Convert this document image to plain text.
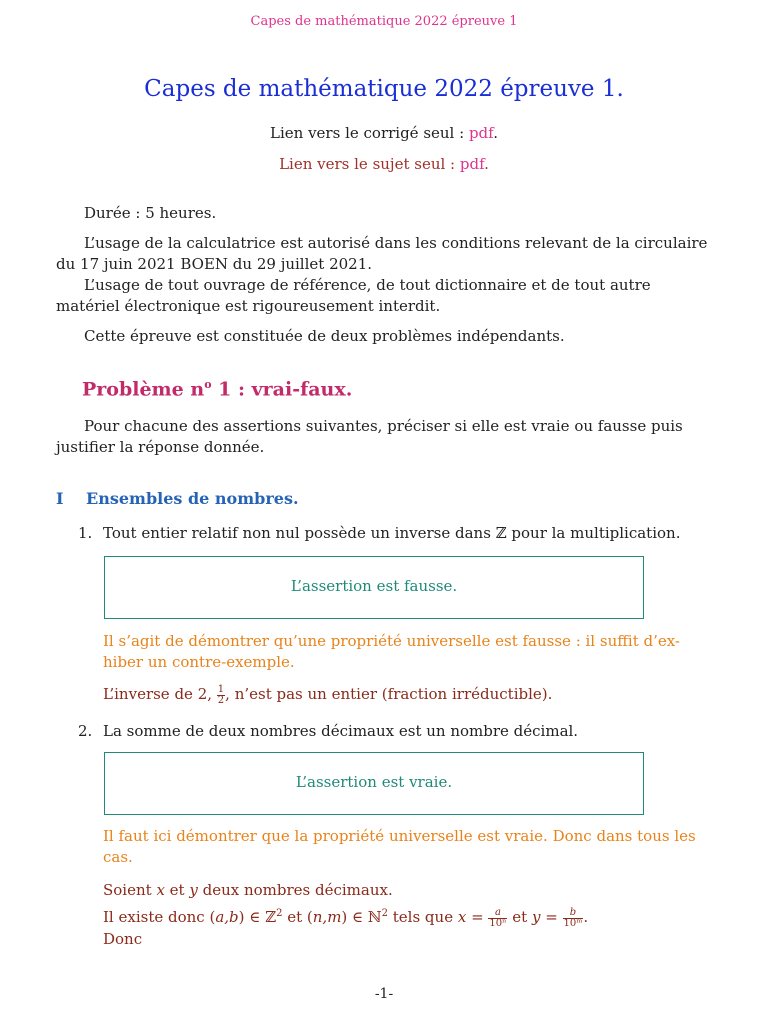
Capes de mathématique 2022 épreuve 1
Capes de mathématique 2022 épreuve 1.
Lien vers le corrigé seul : pdf.
Lien vers le sujet seul : pdf.
Durée : 5 heures.
L’usage de la calculatrice est autorisé dans les conditions relevant de la circulaire
du 17 juin 2021 BOEN du 29 juillet 2021.
L’usage de tout ouvrage de référence, de tout dictionnaire et de tout autre
matériel électronique est rigoureusement interdit.
Cette épreuve est constituée de deux problèmes indépendants.
Problème $n^o$ 1 : vrai-faux.
Pour chacune des assertions suivantes, préciser si elle est vraie ou fausse puis
justifier la réponse donnée.
I Ensembles de nombres.
1. Tout entier relatif non nul possède un inverse dans ℤ pour la multiplication.
L’assertion est fausse.
Il s’agit de démontrer qu’une propriété universelle est fausse : il suffit d’ex-
hiber un contre-exemple.
L’inverse de 2, $\frac{1}{2}$ , n’est pas un entier (fraction irréductible).
2. La somme de deux nombres décimaux est un nombre décimal.
L’assertion est vraie.
Il faut ici démontrer que la propriété universelle est vraie. Donc dans tous les
cas.
Soient x et y deux nombres décimaux.
Il existe donc (a,b) ∈ ℤ$^2$ et (n,m) ∈ ℕ$^2$ tels que $x = \frac{a}{\text{10ⁿ}}$ et $y = \frac{b}{\text{10ᵐ}}$ .
Donc
-1-
